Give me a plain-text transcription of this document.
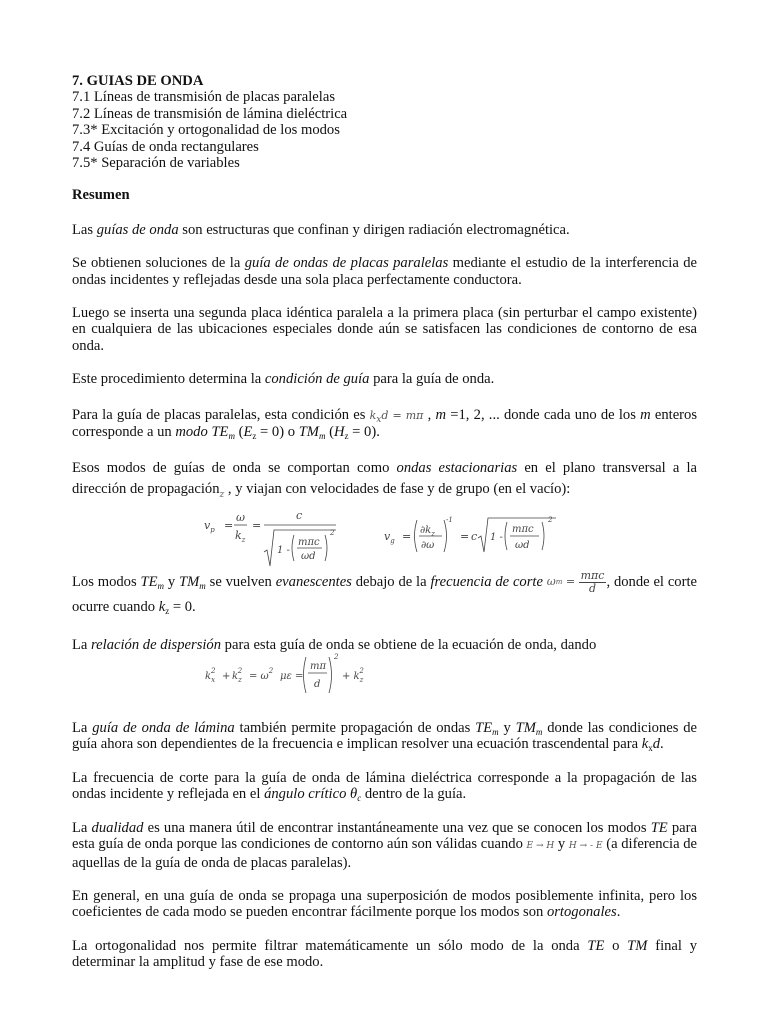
7. GUIAS DE ONDA
7.1 Líneas de transmisión de placas paralelas
7.2 Líneas de transmisión de lámina dieléctrica
7.3* Excitación y ortogonalidad de los modos
7.4 Guías de onda rectangulares
7.5* Separación de variables
Resumen

Las guías de onda son estructuras que confinan y dirigen radiación electromagnética.

Se obtienen soluciones de la guía de ondas de placas paralelas mediante el estudio de la interferencia de ondas incidentes y reflejadas desde una sola placa perfectamente conductora.

Luego se inserta una segunda placa idéntica paralela a la primera placa (sin perturbar el campo existente) en cualquiera de las ubicaciones especiales donde aún se satisfacen las condiciones de contorno de esa onda.

Este procedimiento determina la condición de guía para la guía de onda.

Para la guía de placas paralelas, esta condición es $k_xd = m\pi$ , m =1, 2, ... donde cada uno de los m enteros corresponde a un modo $TE_m$ $(E_z = 0)$ o $TM_m$ $(H_z = 0)$.

Esos modos de guías de onda se comportan como ondas estacionarias en el plano transversal a la dirección de propagación$_z$ , y viajan con velocidades de fase y de grupo (en el vacío):

$v_p$ =
ω
$k_z$
=
c
1 -
mπc
ωd
2	$v_g = \partial k_z$
∂ω
-1
= c 1 -
mπc
ωd
2

Los modos $TE_m$ y $TM_m$ se vuelven evanescentes debajo de la frecuencia de corte ω $m = \frac{\text{mπc}}{d}$ , donde el corte ocurre cuando $k_z = 0$.

La relación de dispersión para esta guía de onda se obtiene de la ecuación de onda, dando

$k_x2 + k_z2 = \omega^2$ με =
mπ
d
2
+ $k_z2$

La guía de onda de lámina también permite propagación de ondas $TE_m$ y $TM_m$ donde las condiciones de guía ahora son dependientes de la frecuencia e implican resolver una ecuación trascendental para $k_xd$.

La frecuencia de corte para la guía de onda de lámina dieléctrica corresponde a la propagación de las ondas incidente y reflejada en el ángulo crítico $\theta_c$ dentro de la guía.

La dualidad es una manera útil de encontrar instantáneamente una vez que se conocen los modos TE para esta guía de onda porque las condiciones de contorno aún son válidas cuando E → H y H → - E (a diferencia de aquellas de la guía de onda de placas paralelas).

En general, en una guía de onda se propaga una superposición de modos posiblemente infinita, pero los coeficientes de cada modo se pueden encontrar fácilmente porque los modos son ortogonales.

La ortogonalidad nos permite filtrar matemáticamente un sólo modo de la onda TE o TM final y determinar la amplitud y fase de ese modo.
